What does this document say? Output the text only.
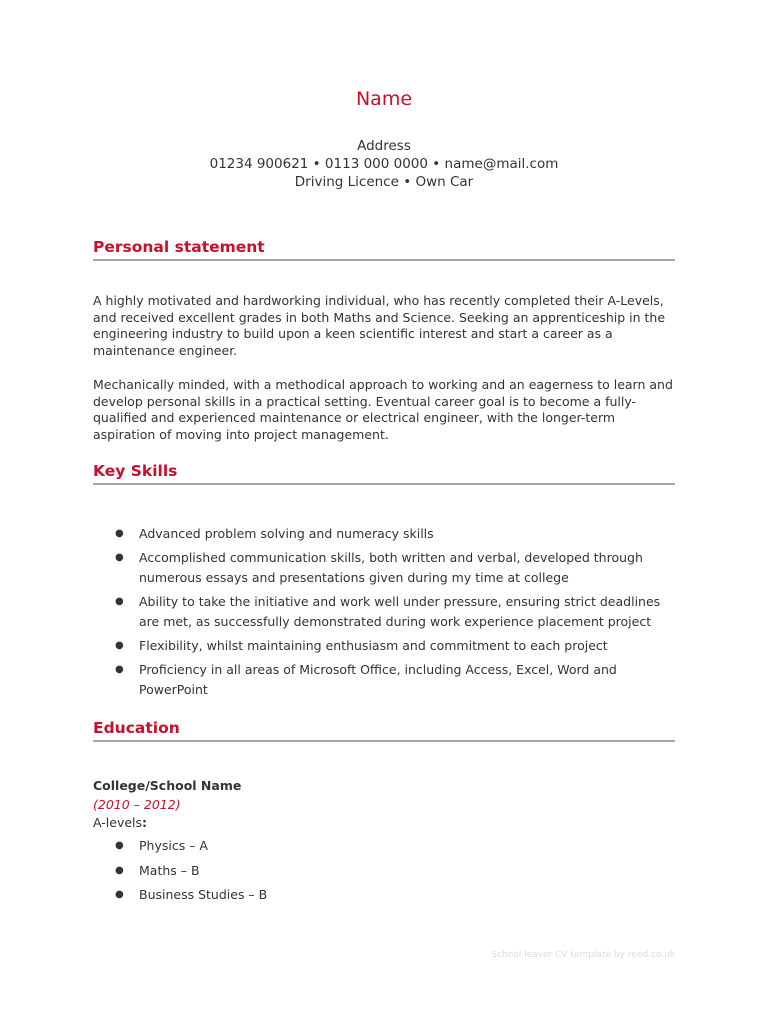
Name
Address
01234 900621 • 0113 000 0000 • name@mail.com
Driving Licence • Own Car
Personal statement
A highly motivated and hardworking individual, who has recently completed their A-Levels, and received excellent grades in both Maths and Science. Seeking an apprenticeship in the engineering industry to build upon a keen scientific interest and start a career as a maintenance engineer.
Mechanically minded, with a methodical approach to working and an eagerness to learn and develop personal skills in a practical setting. Eventual career goal is to become a fully-qualified and experienced maintenance or electrical engineer, with the longer-term aspiration of moving into project management.
Key Skills
● Advanced problem solving and numeracy skills
● Accomplished communication skills, both written and verbal, developed through numerous essays and presentations given during my time at college
● Ability to take the initiative and work well under pressure, ensuring strict deadlines are met, as successfully demonstrated during work experience placement project
● Flexibility, whilst maintaining enthusiasm and commitment to each project
● Proficiency in all areas of Microsoft Office, including Access, Excel, Word and PowerPoint
Education
College/School Name
(2010 – 2012)
A-levels:
● Physics – A
● Maths – B
● Business Studies – B
School leaver CV template by reed.co.uk
